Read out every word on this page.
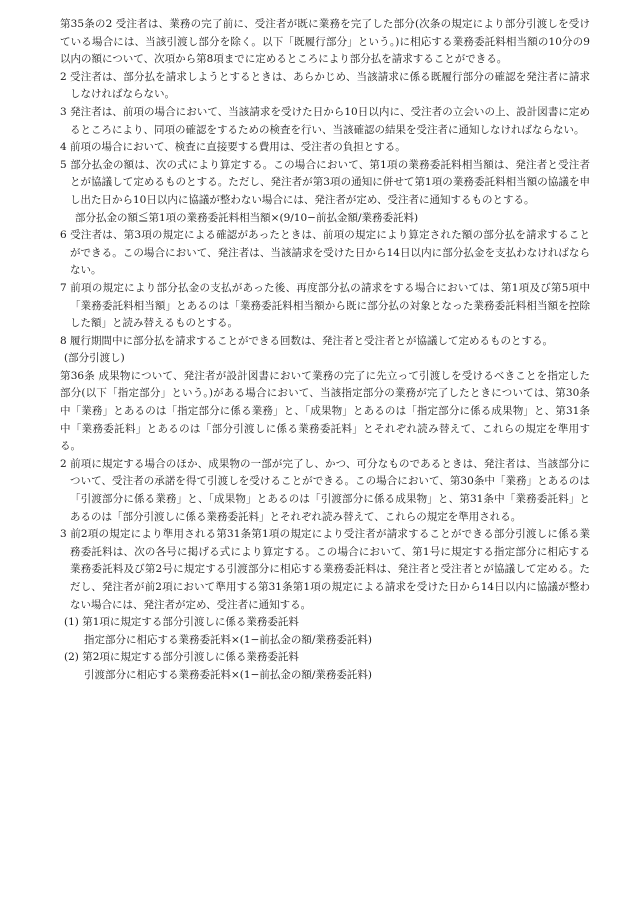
第35条の2 受注者は、業務の完了前に、受注者が既に業務を完了した部分(次条の規定により部分引渡しを受けている場合には、当該引渡し部分を除く。以下「既履行部分」という。)に相応する業務委託料相当額の10分の9以内の額について、次項から第8項までに定めるところにより部分払を請求することができる。

2 受注者は、部分払を請求しようとするときは、あらかじめ、当該請求に係る既履行部分の確認を発注者に請求しなければならない。

3 発注者は、前項の場合において、当該請求を受けた日から10日以内に、受注者の立会いの上、設計図書に定めるところにより、同項の確認をするための検査を行い、当該確認の結果を受注者に通知しなければならない。

4 前項の場合において、検査に直接要する費用は、受注者の負担とする。

5 部分払金の額は、次の式により算定する。この場合において、第1項の業務委託料相当額は、発注者と受注者とが協議して定めるものとする。ただし、発注者が第3項の通知に併せて第1項の業務委託料相当額の協議を申し出た日から10日以内に協議が整わない場合には、発注者が定め、受注者に通知するものとする。

部分払金の額≦第1項の業務委託料相当額×(9/10−前払金額/業務委託料)

6 受注者は、第3項の規定による確認があったときは、前項の規定により算定された額の部分払を請求することができる。この場合において、発注者は、当該請求を受けた日から14日以内に部分払金を支払わなければならない。

7 前項の規定により部分払金の支払があった後、再度部分払の請求をする場合においては、第1項及び第5項中「業務委託料相当額」とあるのは「業務委託料相当額から既に部分払の対象となった業務委託料相当額を控除した額」と読み替えるものとする。

8 履行期間中に部分払を請求することができる回数は、発注者と受注者とが協議して定めるものとする。

(部分引渡し)

第36条 成果物について、発注者が設計図書において業務の完了に先立って引渡しを受けるべきことを指定した部分(以下「指定部分」という。)がある場合において、当該指定部分の業務が完了したときについては、第30条中「業務」とあるのは「指定部分に係る業務」と、「成果物」とあるのは「指定部分に係る成果物」と、第31条中「業務委託料」とあるのは「部分引渡しに係る業務委託料」とそれぞれ読み替えて、これらの規定を準用する。

2 前項に規定する場合のほか、成果物の一部が完了し、かつ、可分なものであるときは、発注者は、当該部分について、受注者の承諾を得て引渡しを受けることができる。この場合において、第30条中「業務」とあるのは「引渡部分に係る業務」と、「成果物」とあるのは「引渡部分に係る成果物」と、第31条中「業務委託料」とあるのは「部分引渡しに係る業務委託料」とそれぞれ読み替えて、これらの規定を準用される。

3 前2項の規定により準用される第31条第1項の規定により受注者が請求することができる部分引渡しに係る業務委託料は、次の各号に掲げる式により算定する。この場合において、第1号に規定する指定部分に相応する業務委託料及び第2号に規定する引渡部分に相応する業務委託料は、発注者と受注者とが協議して定める。ただし、発注者が前2項において準用する第31条第1項の規定による請求を受けた日から14日以内に協議が整わない場合には、発注者が定め、受注者に通知する。

(1) 第1項に規定する部分引渡しに係る業務委託料

指定部分に相応する業務委託料×(1−前払金の額/業務委託料)

(2) 第2項に規定する部分引渡しに係る業務委託料

引渡部分に相応する業務委託料×(1−前払金の額/業務委託料)
